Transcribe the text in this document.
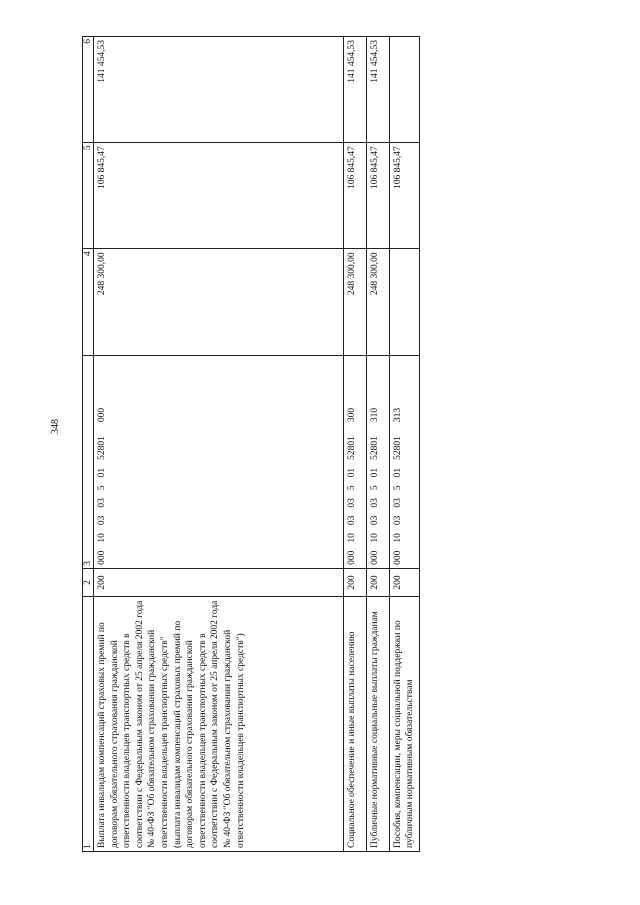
348
1	2	3	4	5	6
Выплата инвалидам компенсаций страховых премий по договорам обязательного страхования гражданской ответственности владельцев транспортных средств в соответствии с Федеральным законом от 25 апреля 2002 года № 40-ФЗ "Об обязательном страховании гражданской ответственности владельцев транспортных средств" (выплата инвалидам компенсаций страховых премий по договорам обязательного страхования гражданской ответственности владельцев транспортных средств в соответствии с Федеральным законом от 25 апреля 2002 года № 40-ФЗ "Об обязательном страховании гражданской ответственности владельцев транспортных средств")	200	00010030350152801000	248 300,00	106 845,47	141 454,53
Социальное обеспечение и иные выплаты населению	200	00010030350152801300	248 300,00	106 845,47	141 454,53
Публичные нормативные социальные выплаты гражданам	200	00010030350152801310	248 300,00	106 845,47	141 454,53
Пособия, компенсации, меры социальной поддержки по публичным нормативным обязательствам	200	00010030350152801313		106 845,47	
